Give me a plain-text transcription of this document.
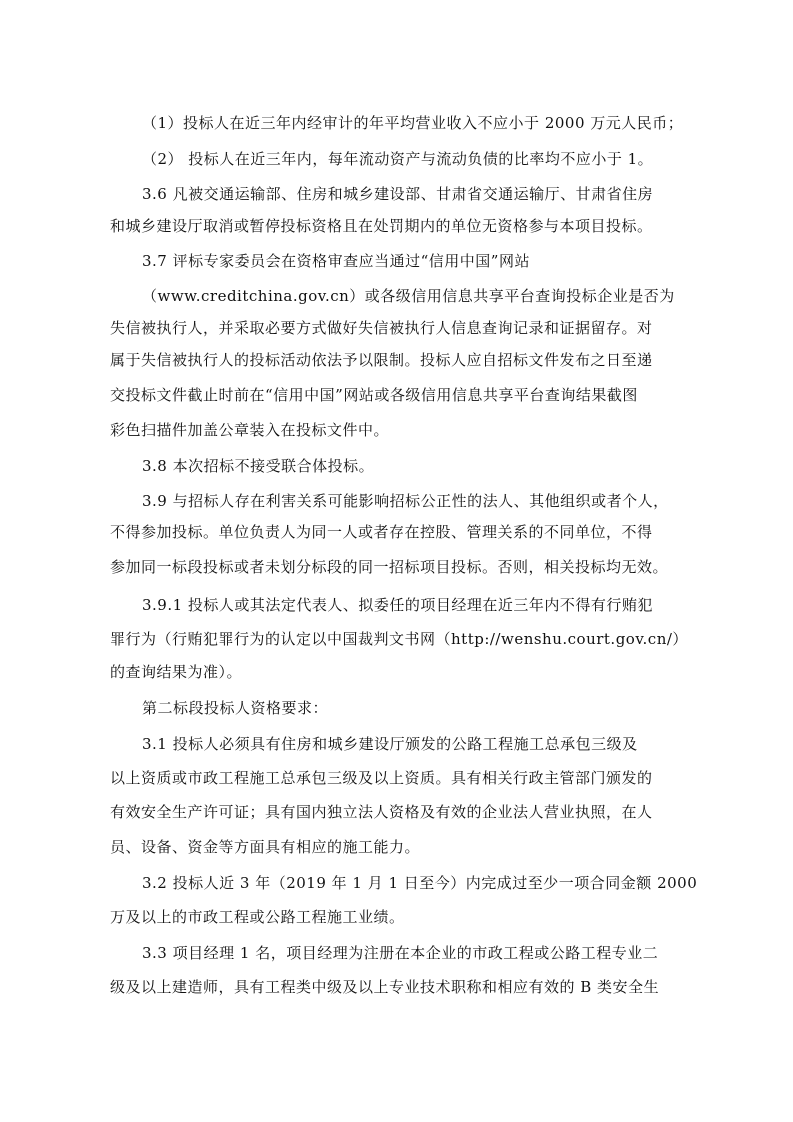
（1）投标人在近三年内经审计的年平均营业收入不应小于 2000 万元人民币；
（2） 投标人在近三年内，每年流动资产与流动负债的比率均不应小于 1。
3.6 凡被交通运输部、住房和城乡建设部、甘肃省交通运输厅、甘肃省住房
和城乡建设厅取消或暂停投标资格且在处罚期内的单位无资格参与本项目投标。
3.7 评标专家委员会在资格审查应当通过“信用中国”网站
（www.creditchina.gov.cn）或各级信用信息共享平台查询投标企业是否为
失信被执行人，并采取必要方式做好失信被执行人信息查询记录和证据留存。对
属于失信被执行人的投标活动依法予以限制。投标人应自招标文件发布之日至递
交投标文件截止时前在“信用中国”网站或各级信用信息共享平台查询结果截图
彩色扫描件加盖公章装入在投标文件中。
3.8 本次招标不接受联合体投标。
3.9 与招标人存在利害关系可能影响招标公正性的法人、其他组织或者个人，
不得参加投标。单位负责人为同一人或者存在控股、管理关系的不同单位，不得
参加同一标段投标或者未划分标段的同一招标项目投标。否则，相关投标均无效。
3.9.1 投标人或其法定代表人、拟委任的项目经理在近三年内不得有行贿犯
罪行为（行贿犯罪行为的认定以中国裁判文书网（http://wenshu.court.gov.cn/）
的查询结果为准）。
第二标段投标人资格要求：
3.1 投标人必须具有住房和城乡建设厅颁发的公路工程施工总承包三级及
以上资质或市政工程施工总承包三级及以上资质。具有相关行政主管部门颁发的
有效安全生产许可证；具有国内独立法人资格及有效的企业法人营业执照，在人
员、设备、资金等方面具有相应的施工能力。
3.2 投标人近 3 年（2019 年 1 月 1 日至今）内完成过至少一项合同金额 2000
万及以上的市政工程或公路工程施工业绩。
3.3 项目经理 1 名，项目经理为注册在本企业的市政工程或公路工程专业二
级及以上建造师，具有工程类中级及以上专业技术职称和相应有效的 B 类安全生
